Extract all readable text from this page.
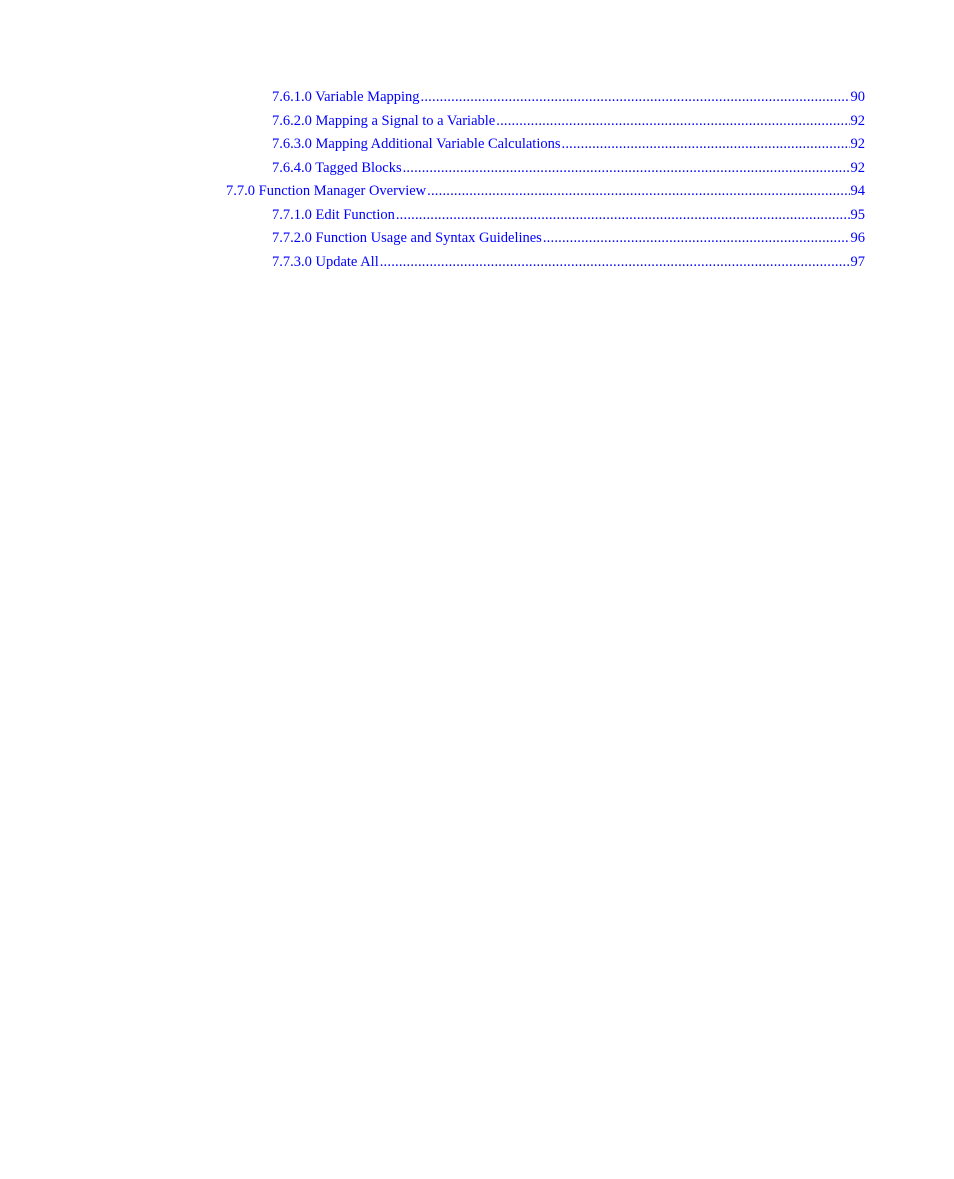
7.6.1.0 Variable Mapping .....	90
7.6.2.0 Mapping a Signal to a Variable .....	92
7.6.3.0 Mapping Additional Variable Calculations .....	92
7.6.4.0 Tagged Blocks .....	92
7.7.0 Function Manager Overview .....	94
7.7.1.0 Edit Function .....	95
7.7.2.0 Function Usage and Syntax Guidelines .....	96
7.7.3.0 Update All .....	97
